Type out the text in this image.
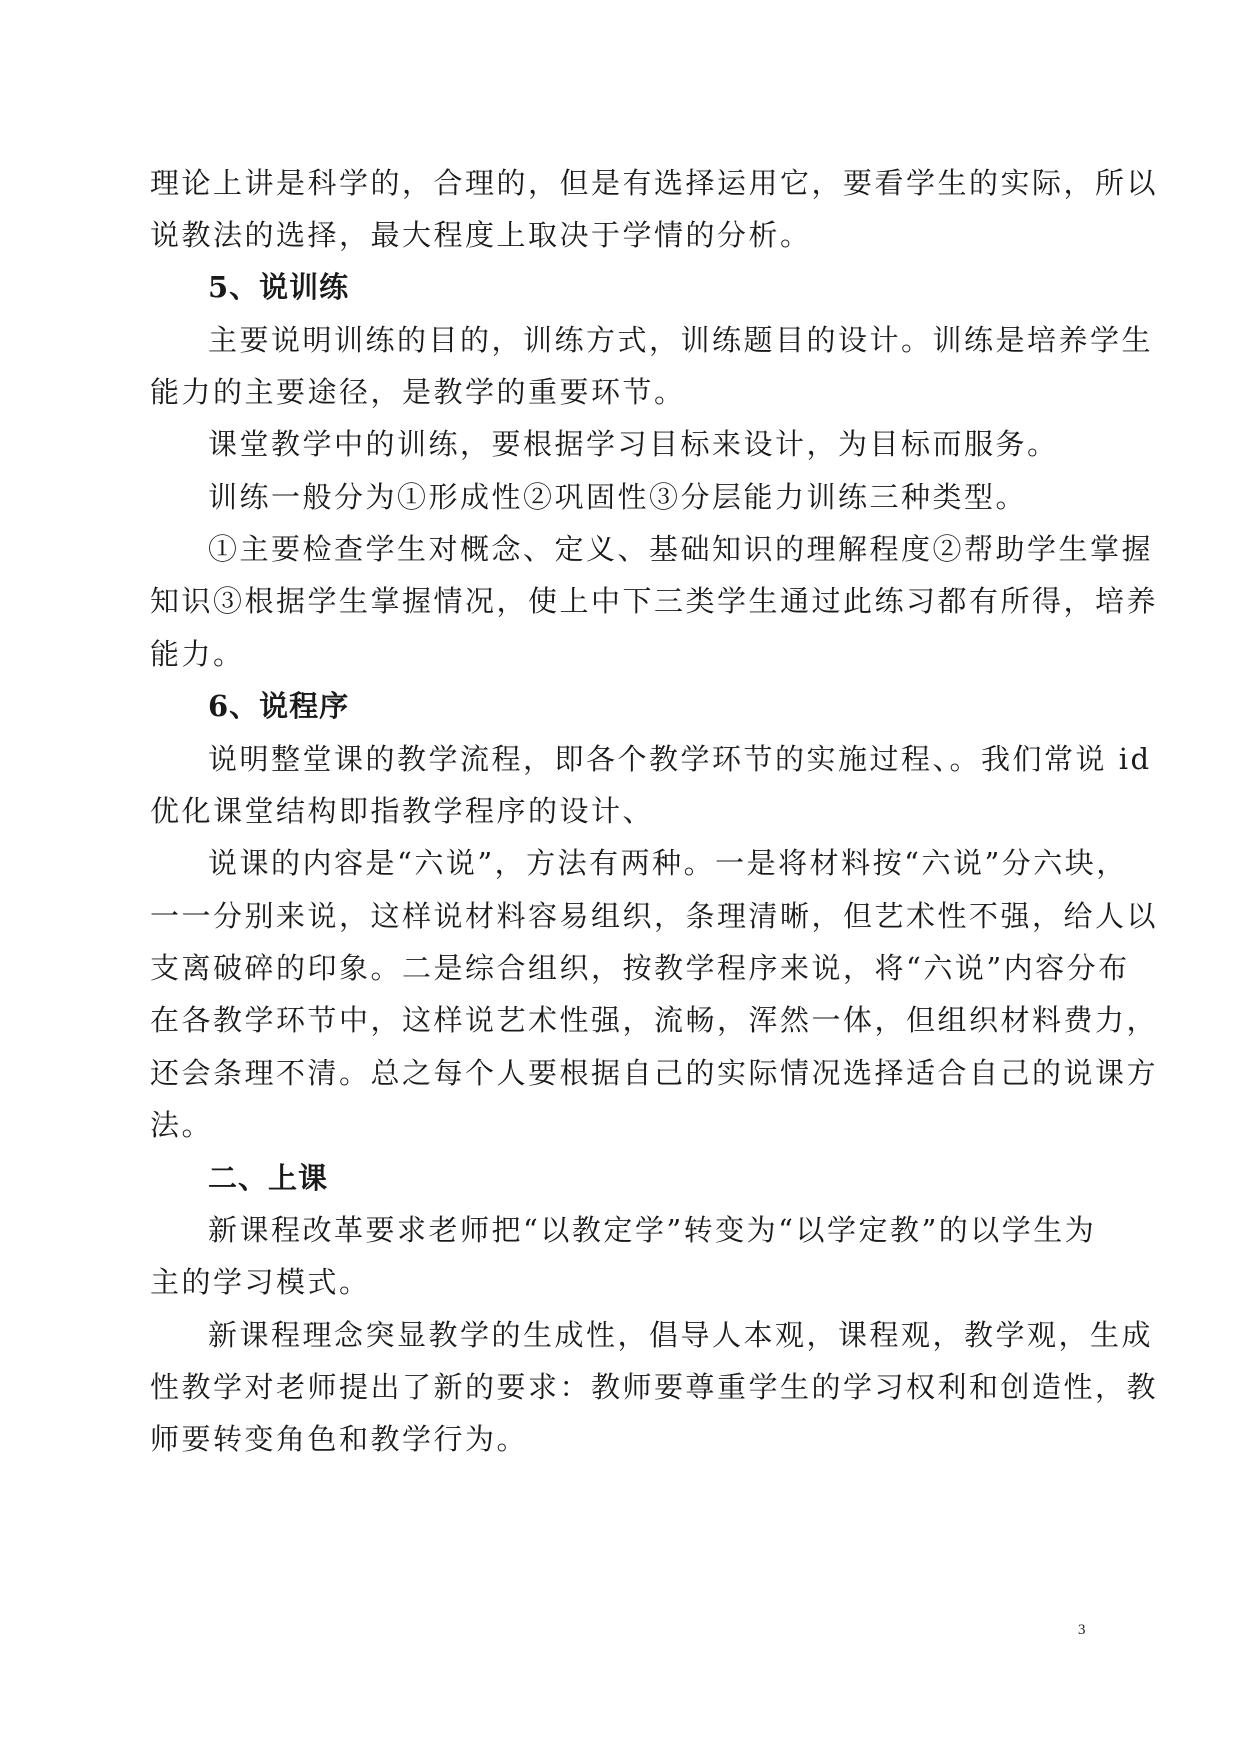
理论上讲是科学的，合理的，但是有选择运用它，要看学生的实际，所以
说教法的选择，最大程度上取决于学情的分析。
5、说训练
主要说明训练的目的，训练方式，训练题目的设计。训练是培养学生
能力的主要途径，是教学的重要环节。
课堂教学中的训练，要根据学习目标来设计，为目标而服务。
训练一般分为①形成性②巩固性③分层能力训练三种类型。
①主要检查学生对概念、定义、基础知识的理解程度②帮助学生掌握
知识③根据学生掌握情况，使上中下三类学生通过此练习都有所得，培养
能力。
6、说程序
说明整堂课的教学流程，即各个教学环节的实施过程、。我们常说 id
优化课堂结构即指教学程序的设计、
说课的内容是“六说”，方法有两种。一是将材料按“六说”分六块，
一一分别来说，这样说材料容易组织，条理清晰，但艺术性不强，给人以
支离破碎的印象。二是综合组织，按教学程序来说，将“六说”内容分布
在各教学环节中，这样说艺术性强，流畅，浑然一体，但组织材料费力，
还会条理不清。总之每个人要根据自己的实际情况选择适合自己的说课方
法。
二、上课
新课程改革要求老师把“以教定学”转变为“以学定教”的以学生为
主的学习模式。
新课程理念突显教学的生成性，倡导人本观，课程观，教学观，生成
性教学对老师提出了新的要求：教师要尊重学生的学习权利和创造性，教
师要转变角色和教学行为。
3
